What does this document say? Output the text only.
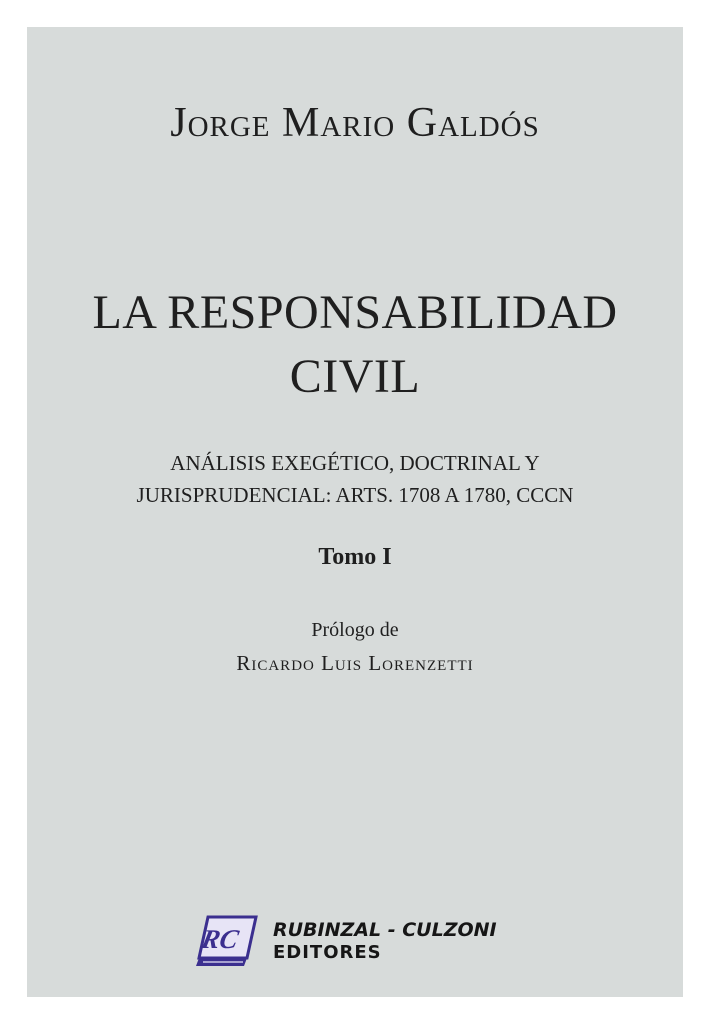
Jorge Mario Galdós
LA RESPONSABILIDAD
CIVIL
ANÁLISIS EXEGÉTICO, DOCTRINAL Y
JURISPRUDENCIAL: ARTS. 1708 A 1780, CCCN
Tomo I
Prólogo de
Ricardo Luis Lorenzetti
RC RUBINZAL - CULZONI
EDITORES
